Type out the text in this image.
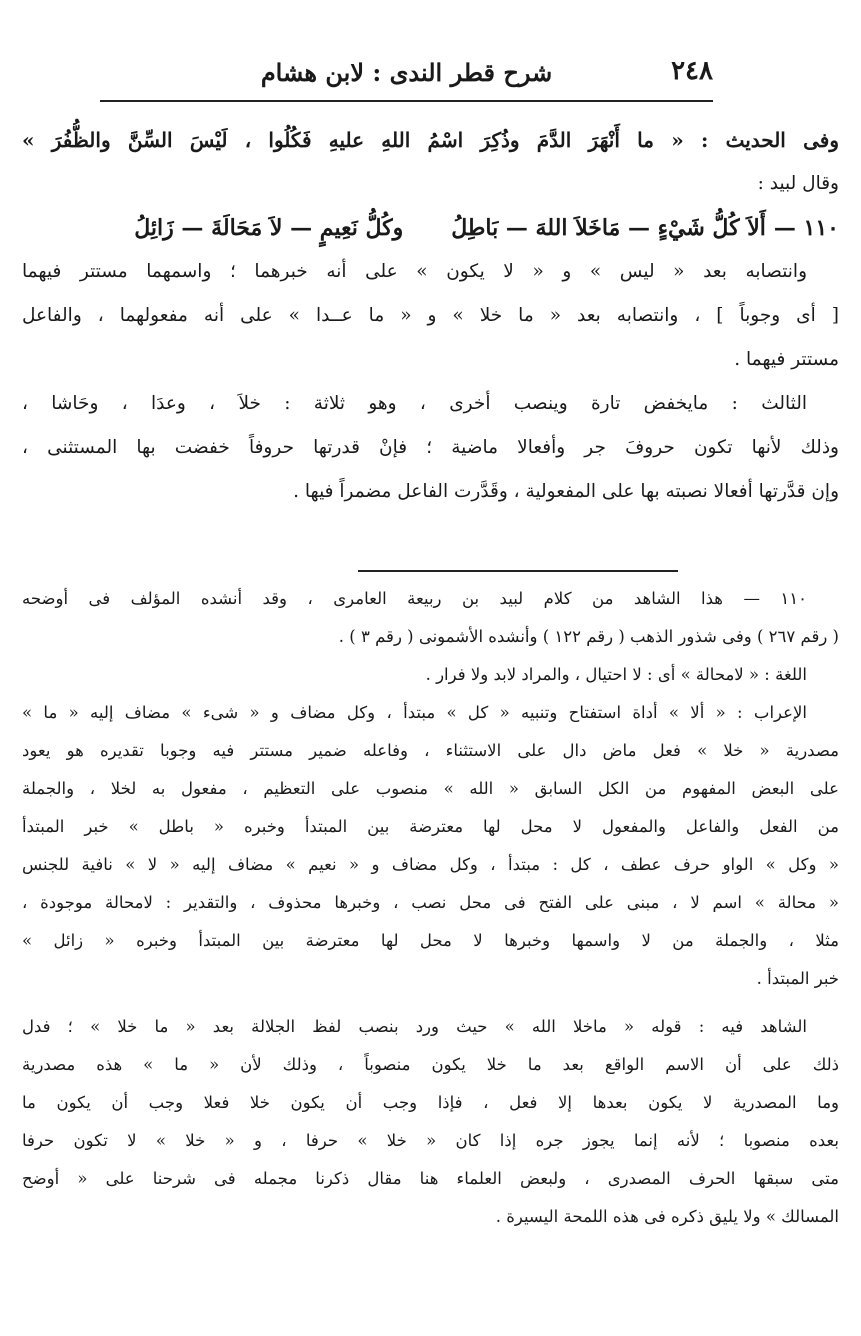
٢٤٨
شرح قطر الندى : لابن هشام
وفى الحديث : « ما أَنْهَرَ الدَّمَ وذُكِرَ اسْمُ اللهِ عليهِ فَكُلُوا ، لَيْسَ السِّنَّ والظُّفُرَ »
وقال لبيد :
١١٠ —
أَلاَ كُلُّ شَيْءٍ — مَاخَلاَ اللهَ — بَاطِلُ
وكُلُّ نَعِيمٍ — لاَ مَحَالَةَ — زَائِلُ
وانتصابه بعد « ليس » و « لا يكون » على أنه خبرهما ؛ واسمهما مستتر فيهما
[ أى وجوباً ] ، وانتصابه بعد « ما خلا » و « ما عــدا » على أنه مفعولهما ، والفاعل
مستتر فيهما .
الثالث : مايخفض تارة وينصب أخرى ، وهو ثلاثة : خلاَ ، وعدَا ، وحَاشا ،
وذلك لأنها تكون حروفَ جر وأفعالا ماضية ؛ فإنْ قدرتها حروفاً خفضت بها المستثنى ،
وإن قدَّرتها أفعالا نصبته بها على المفعولية ، وقَدَّرت الفاعل مضمراً فيها .
١١٠ — هذا الشاهد من كلام لبيد بن ربيعة العامرى ، وقد أنشده المؤلف فى أوضحه
( رقم ٢٦٧ ) وفى شذور الذهب ( رقم ١٢٢ ) وأنشده الأشمونى ( رقم ٣ ) .
اللغة : « لامحالة » أى : لا احتيال ، والمراد لابد ولا فرار .
الإعراب : « ألا » أداة استفتاح وتنبيه « كل » مبتدأ ، وكل مضاف و « شىء » مضاف إليه « ما »
مصدرية « خلا » فعل ماض دال على الاستثناء ، وفاعله ضمير مستتر فيه وجوبا تقديره هو يعود
على البعض المفهوم من الكل السابق « الله » منصوب على التعظيم ، مفعول به لخلا ، والجملة
من الفعل والفاعل والمفعول لا محل لها معترضة بين المبتدأ وخبره « باطل » خبر المبتدأ
« وكل » الواو حرف عطف ، كل : مبتدأ ، وكل مضاف و « نعيم » مضاف إليه « لا » نافية للجنس
« محالة » اسم لا ، مبنى على الفتح فى محل نصب ، وخبرها محذوف ، والتقدير : لامحالة موجودة ،
مثلا ، والجملة من لا واسمها وخبرها لا محل لها معترضة بين المبتدأ وخبره « زائل »
خبر المبتدأ .
الشاهد فيه : قوله « ماخلا الله » حيث ورد بنصب لفظ الجلالة بعد « ما خلا » ؛ فدل
ذلك على أن الاسم الواقع بعد ما خلا يكون منصوباً ، وذلك لأن « ما » هذه مصدرية
وما المصدرية لا يكون بعدها إلا فعل ، فإذا وجب أن يكون خلا فعلا وجب أن يكون ما
بعده منصوبا ؛ لأنه إنما يجوز جره إذا كان « خلا » حرفا ، و « خلا » لا تكون حرفا
متى سبقها الحرف المصدرى ، ولبعض العلماء هنا مقال ذكرنا مجمله فى شرحنا على « أوضح
المسالك » ولا يليق ذكره فى هذه اللمحة اليسيرة .
